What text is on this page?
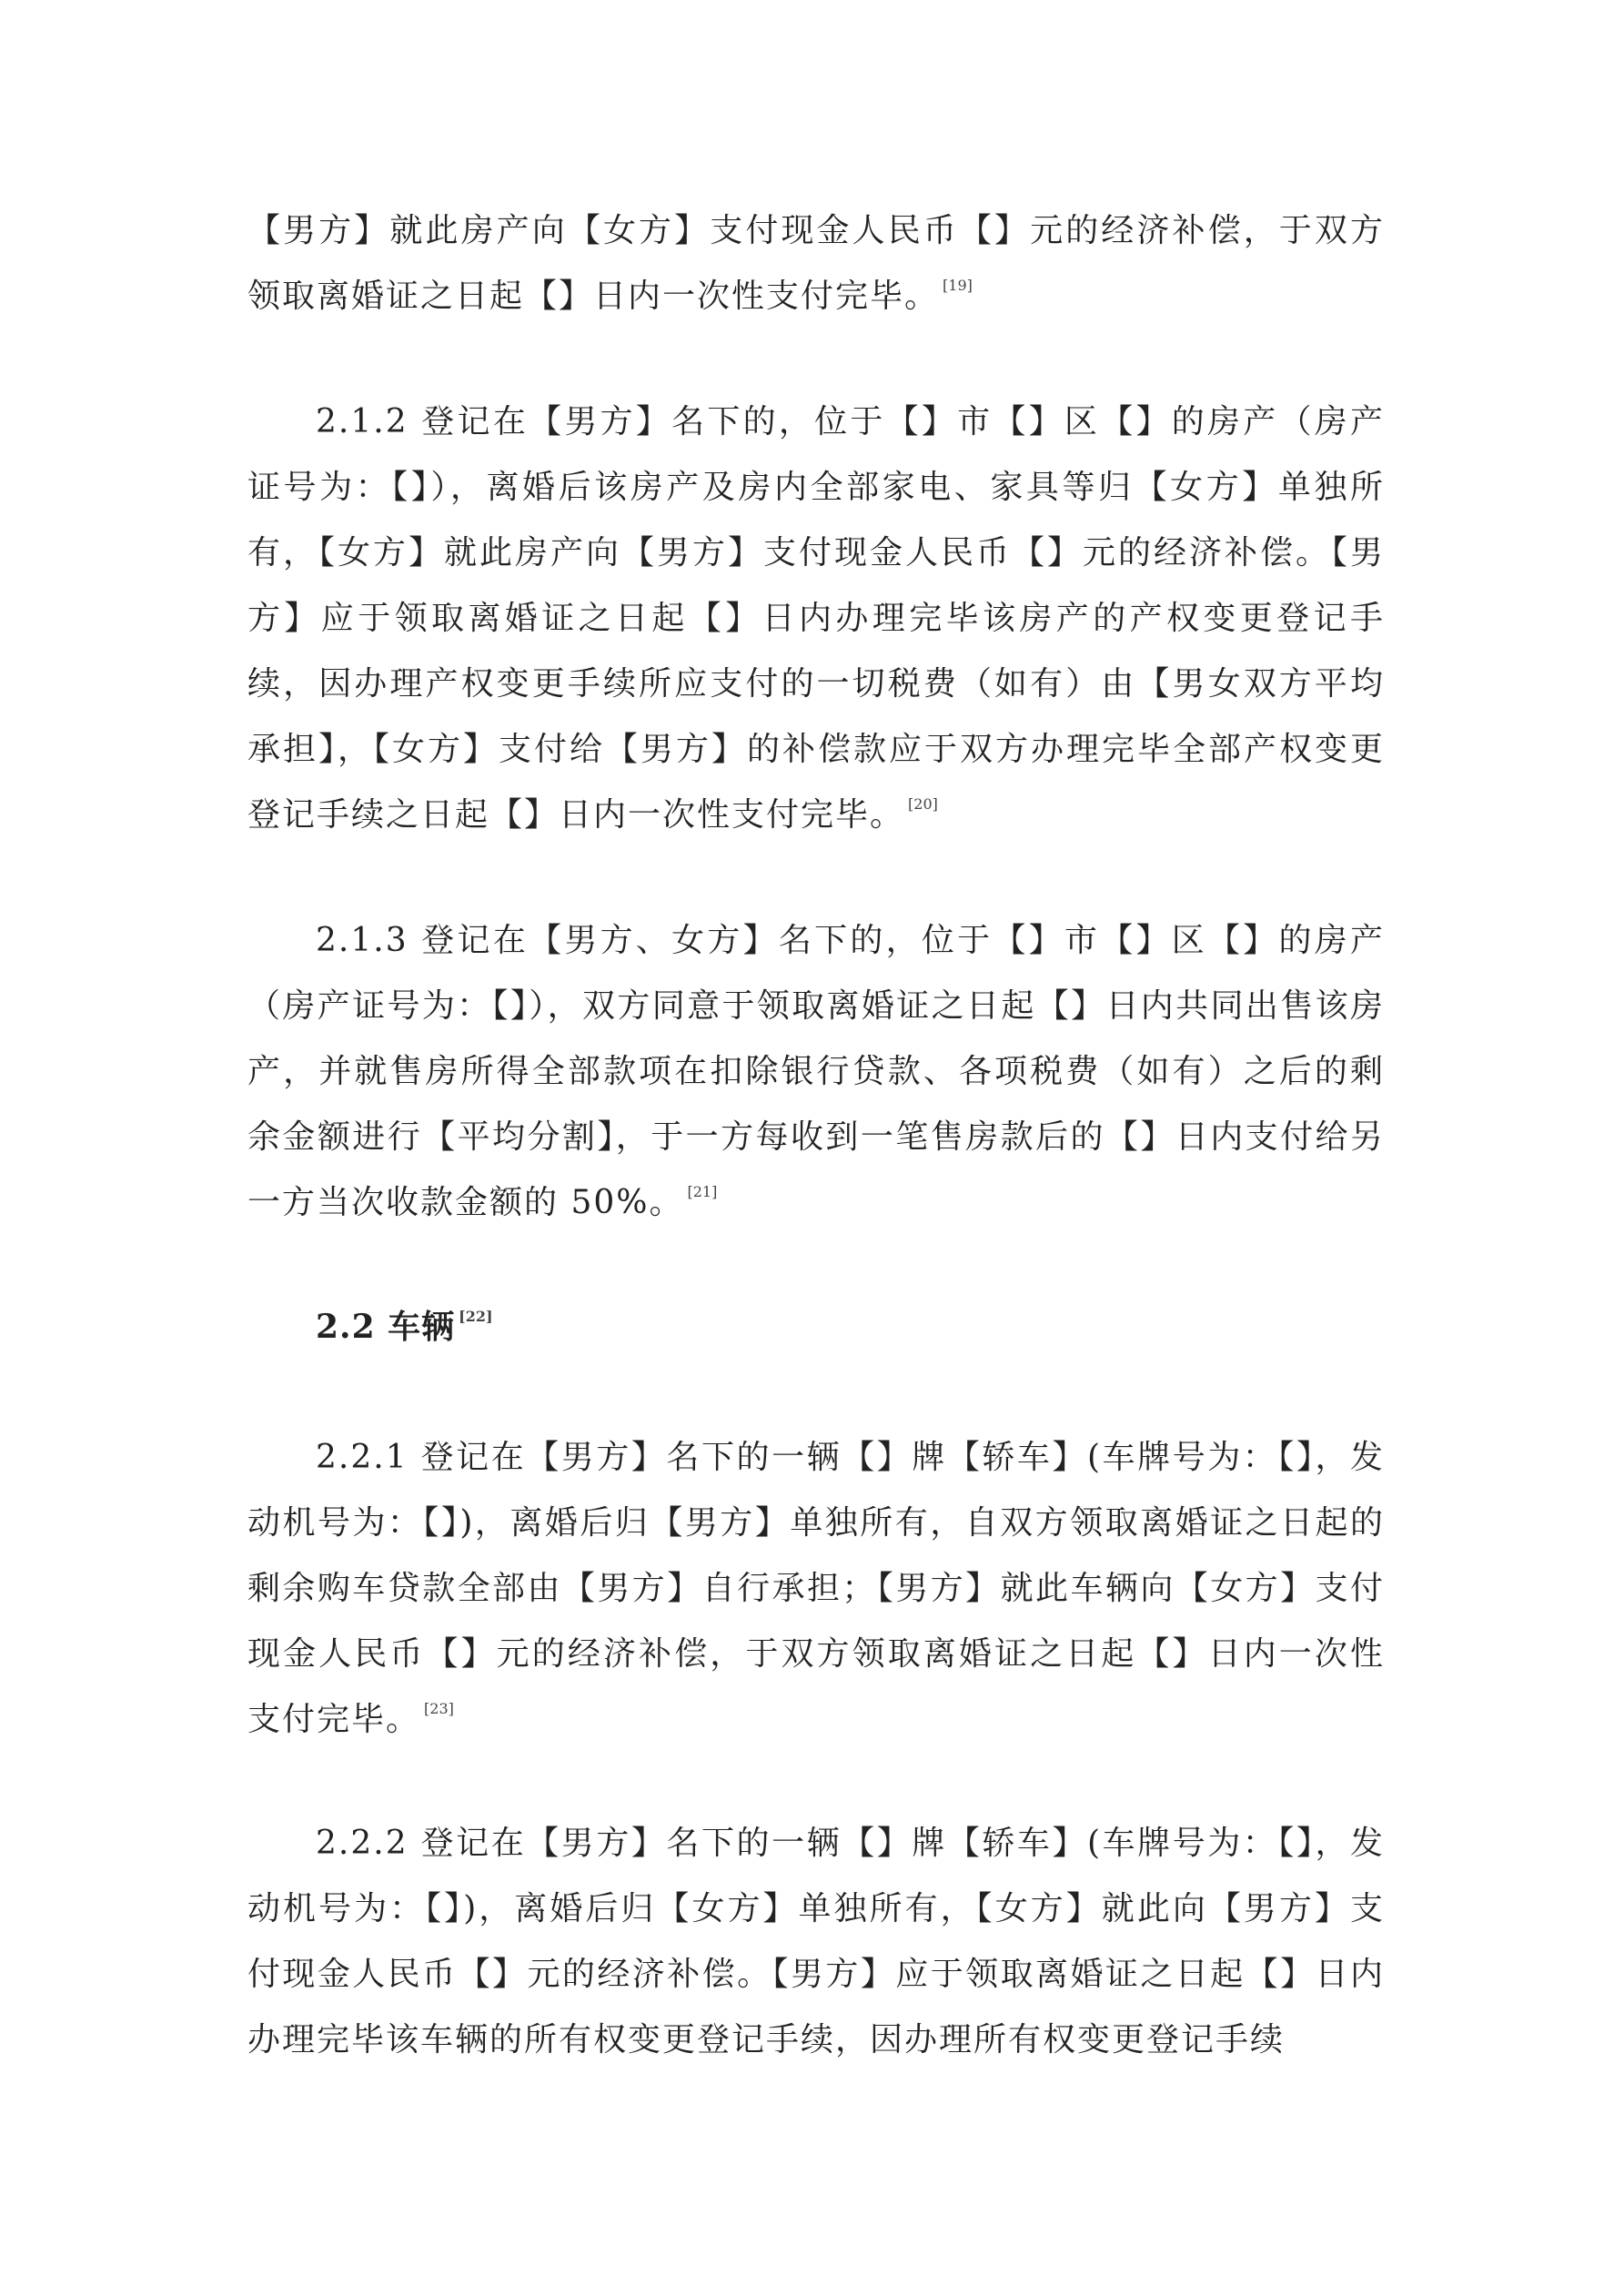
【男方】就此房产向【女方】支付现金人民币【】元的经济补偿，于双方领取离婚证之日起【】日内一次性支付完毕。 [19]

2.1.2 登记在【男方】名下的，位于【】市【】区【】的房产（房产证号为：【】），离婚后该房产及房内全部家电、家具等归【女方】单独所有，【女方】就此房产向【男方】支付现金人民币【】元的经济补偿。【男方】应于领取离婚证之日起【】日内办理完毕该房产的产权变更登记手续，因办理产权变更手续所应支付的一切税费（如有）由【男女双方平均承担】，【女方】支付给【男方】的补偿款应于双方办理完毕全部产权变更登记手续之日起【】日内一次性支付完毕。 [20]

2.1.3 登记在【男方、女方】名下的，位于【】市【】区【】的房产（房产证号为：【】），双方同意于领取离婚证之日起【】日内共同出售该房产，并就售房所得全部款项在扣除银行贷款、各项税费（如有）之后的剩余金额进行【平均分割】，于一方每收到一笔售房款后的【】日内支付给另一方当次收款金额的 50%。 [21]

2.2 车辆 [22]

2.2.1 登记在【男方】名下的一辆【】牌【轿车】(车牌号为：【】，发动机号为：【】)，离婚后归【男方】单独所有，自双方领取离婚证之日起的剩余购车贷款全部由【男方】自行承担；【男方】就此车辆向【女方】支付现金人民币【】元的经济补偿，于双方领取离婚证之日起【】日内一次性支付完毕。 [23]

2.2.2 登记在【男方】名下的一辆【】牌【轿车】(车牌号为：【】，发动机号为：【】)，离婚后归【女方】单独所有，【女方】就此向【男方】支付现金人民币【】元的经济补偿。【男方】应于领取离婚证之日起【】日内办理完毕该车辆的所有权变更登记手续，因办理所有权变更登记手续
